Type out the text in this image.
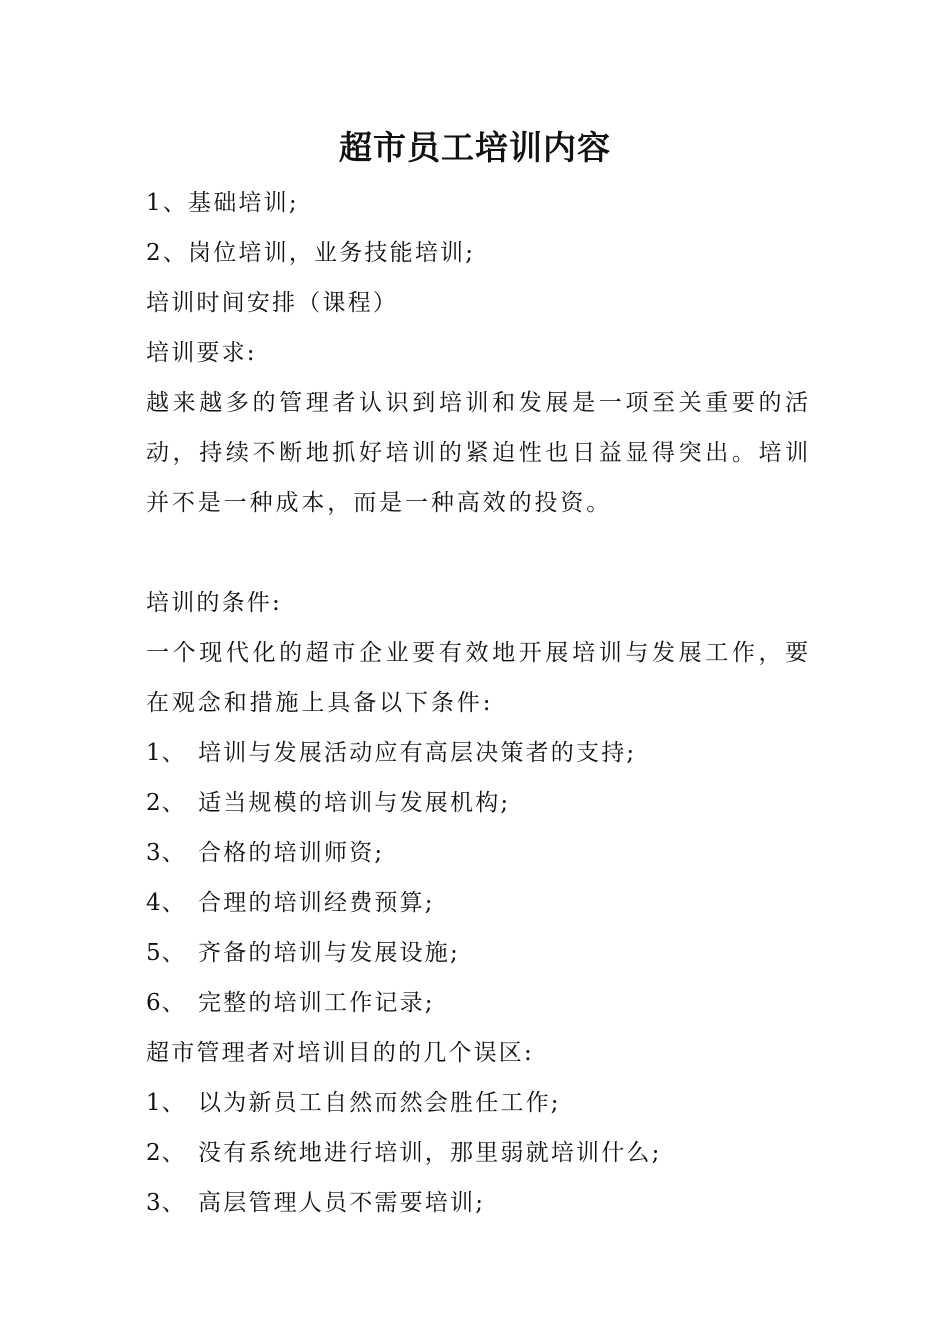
超市员工培训内容
1、基础培训;
2、岗位培训，业务技能培训;
培训时间安排（课程）
培训要求:
越来越多的管理者认识到培训和发展是一项至关重要的活动，持续不断地抓好培训的紧迫性也日益显得突出。培训并不是一种成本，而是一种高效的投资。
培训的条件:
一个现代化的超市企业要有效地开展培训与发展工作，要在观念和措施上具备以下条件:
1、 培训与发展活动应有高层决策者的支持;
2、 适当规模的培训与发展机构;
3、 合格的培训师资;
4、 合理的培训经费预算;
5、 齐备的培训与发展设施;
6、 完整的培训工作记录;
超市管理者对培训目的的几个误区:
1、 以为新员工自然而然会胜任工作;
2、 没有系统地进行培训，那里弱就培训什么;
3、 高层管理人员不需要培训;
